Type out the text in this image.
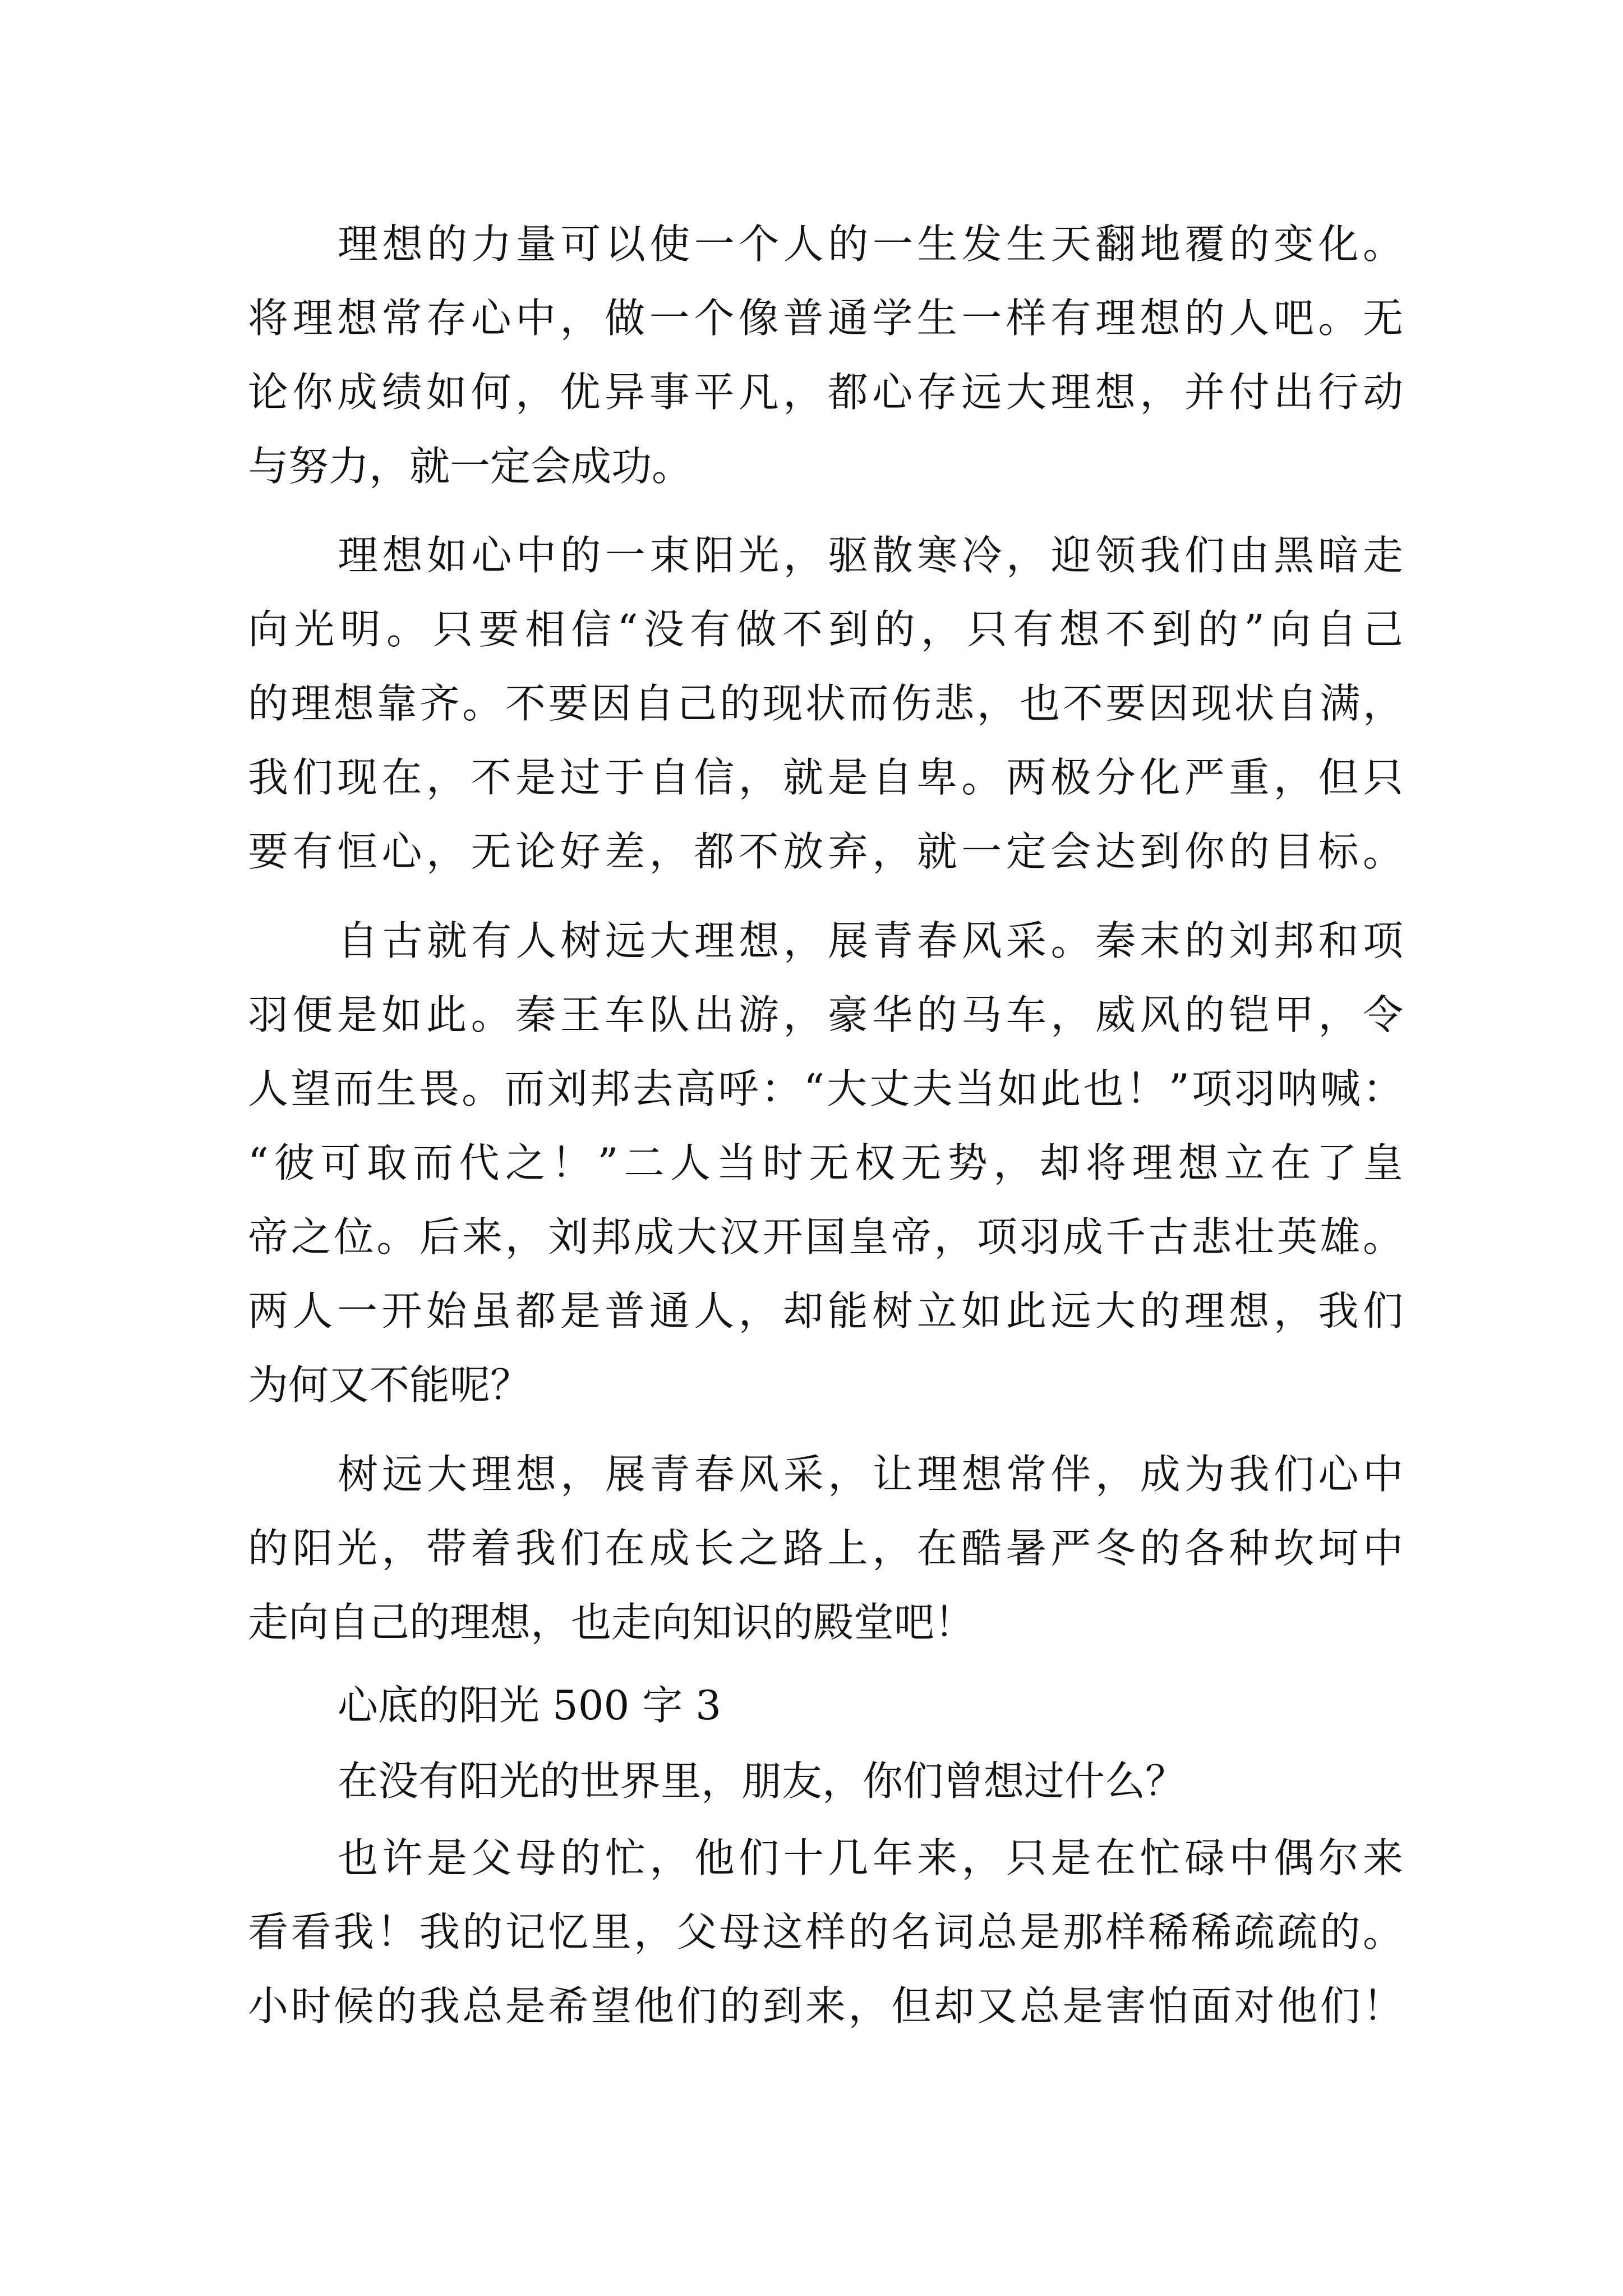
理想的力量可以使一个人的一生发生天翻地覆的变化。
将理想常存心中，做一个像普通学生一样有理想的人吧。无
论你成绩如何，优异事平凡，都心存远大理想，并付出行动
与努力，就一定会成功。
理想如心中的一束阳光，驱散寒冷，迎领我们由黑暗走
向光明。只要相信“没有做不到的，只有想不到的”向自己
的理想靠齐。不要因自己的现状而伤悲，也不要因现状自满，
我们现在，不是过于自信，就是自卑。两极分化严重，但只
要有恒心，无论好差，都不放弃，就一定会达到你的目标。
自古就有人树远大理想，展青春风采。秦末的刘邦和项
羽便是如此。秦王车队出游，豪华的马车，威风的铠甲，令
人望而生畏。而刘邦去高呼：“大丈夫当如此也！”项羽呐喊：
“彼可取而代之！”二人当时无权无势，却将理想立在了皇
帝之位。后来，刘邦成大汉开国皇帝，项羽成千古悲壮英雄。
两人一开始虽都是普通人，却能树立如此远大的理想，我们
为何又不能呢？
树远大理想，展青春风采，让理想常伴，成为我们心中
的阳光，带着我们在成长之路上，在酷暑严冬的各种坎坷中
走向自己的理想，也走向知识的殿堂吧！
心底的阳光 500 字 3
在没有阳光的世界里，朋友，你们曾想过什么？
也许是父母的忙，他们十几年来，只是在忙碌中偶尔来
看看我！我的记忆里，父母这样的名词总是那样稀稀疏疏的。
小时候的我总是希望他们的到来，但却又总是害怕面对他们！
